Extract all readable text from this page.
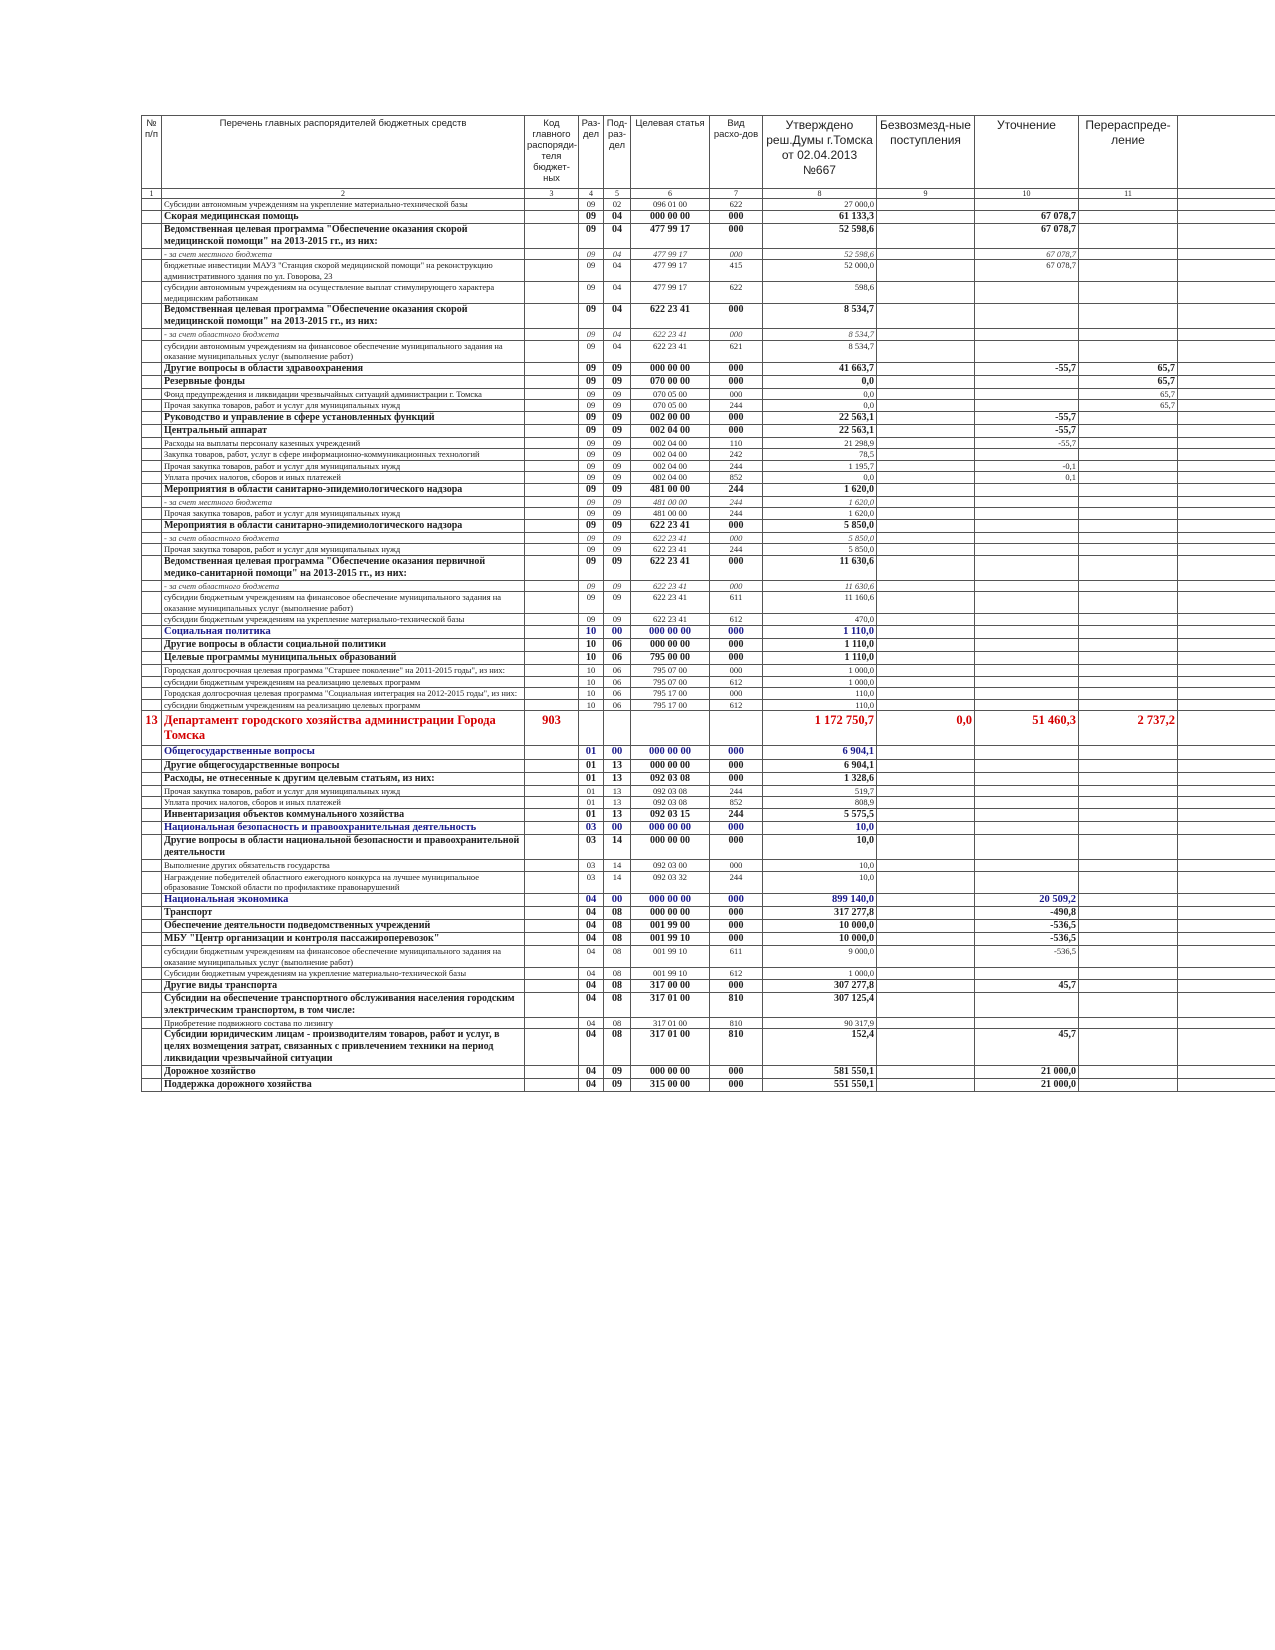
№ п/п	Перечень главных распорядителей бюджетных средств	Код главного распоряди-теля бюджет-ных	Раз-дел	Под-раз-дел	Целевая статья	Вид расхо-дов	Утверждено реш.Думы г.Томска от 02.04.2013 №667	Безвозмезд-ные поступления	Уточнение	Перераспреде-ление	
1	2	3	4	5	6	7	8	9	10	11	
	Субсидии автономным учреждениям на укрепление материально-технической базы		09	02	096 01 00	622	27 000,0				
	Скорая медицинская помощь		09	04	000 00 00	000	61 133,3		67 078,7		
	Ведомственная целевая программа "Обеспечение оказания скорой медицинской помощи" на 2013-2015 гг., из них:		09	04	477 99 17	000	52 598,6		67 078,7		
	- за счет местного бюджета		09	04	477 99 17	000	52 598,6		67 078,7		
	бюджетные инвестиции МАУЗ "Станция скорой медицинской помощи" на реконструкцию административного здания по ул. Говорова, 23		09	04	477 99 17	415	52 000,0		67 078,7		
	субсидии автономным учреждениям на осуществление выплат стимулирующего характера медицинским работникам		09	04	477 99 17	622	598,6				
	Ведомственная целевая программа "Обеспечение оказания скорой медицинской помощи" на 2013-2015 гг., из них:		09	04	622 23 41	000	8 534,7				
	- за счет областного бюджета		09	04	622 23 41	000	8 534,7				
	субсидии автономным учреждениям на финансовое обеспечение муниципального задания на оказание муниципальных услуг (выполнение работ)		09	04	622 23 41	621	8 534,7				
	Другие вопросы в области здравоохранения		09	09	000 00 00	000	41 663,7		-55,7	65,7	
	Резервные фонды		09	09	070 00 00	000	0,0			65,7	
	Фонд предупреждения и ликвидации чрезвычайных ситуаций администрации г. Томска		09	09	070 05 00	000	0,0			65,7	
	Прочая закупка товаров, работ и услуг для муниципальных нужд		09	09	070 05 00	244	0,0			65,7	
	Руководство и управление в сфере установленных функций		09	09	002 00 00	000	22 563,1		-55,7		
	Центральный аппарат		09	09	002 04 00	000	22 563,1		-55,7		
	Расходы на выплаты персоналу казенных учреждений		09	09	002 04 00	110	21 298,9		-55,7		
	Закупка товаров, работ, услуг в сфере информационно-коммуникационных технологий		09	09	002 04 00	242	78,5				
	Прочая закупка товаров, работ и услуг для муниципальных нужд		09	09	002 04 00	244	1 195,7		-0,1		
	Уплата прочих налогов, сборов и иных платежей		09	09	002 04 00	852	0,0		0,1		
	Мероприятия в области санитарно-эпидемиологического надзора		09	09	481 00 00	244	1 620,0				
	- за счет местного бюджета		09	09	481 00 00	244	1 620,0				
	Прочая закупка товаров, работ и услуг для муниципальных нужд		09	09	481 00 00	244	1 620,0				
	Мероприятия в области санитарно-эпидемиологического надзора		09	09	622 23 41	000	5 850,0				
	- за счет областного бюджета		09	09	622 23 41	000	5 850,0				
	Прочая закупка товаров, работ и услуг для муниципальных нужд		09	09	622 23 41	244	5 850,0				
	Ведомственная целевая программа "Обеспечение оказания первичной медико-санитарной помощи" на 2013-2015 гг., из них:		09	09	622 23 41	000	11 630,6				
	- за счет областного бюджета		09	09	622 23 41	000	11 630,6				
	субсидии бюджетным учреждениям на финансовое обеспечение муниципального задания на оказание муниципальных услуг (выполнение работ)		09	09	622 23 41	611	11 160,6				
	субсидии бюджетным учреждениям на укрепление материально-технической базы		09	09	622 23 41	612	470,0				
	Социальная политика		10	00	000 00 00	000	1 110,0				
	Другие вопросы в области социальной политики		10	06	000 00 00	000	1 110,0				
	Целевые программы муниципальных образований		10	06	795 00 00	000	1 110,0				
	Городская долгосрочная целевая программа "Старшее поколение" на 2011-2015 годы", из них:		10	06	795 07 00	000	1 000,0				
	субсидии бюджетным учреждениям на реализацию целевых программ		10	06	795 07 00	612	1 000,0				
	Городская долгосрочная целевая программа "Социальная интеграция на 2012-2015 годы", из них:		10	06	795 17 00	000	110,0				
	субсидии бюджетным учреждениям на реализацию целевых программ		10	06	795 17 00	612	110,0				
13	Департамент городского хозяйства администрации Города Томска	903					1 172 750,7	0,0	51 460,3	2 737,2	
	Общегосударственные вопросы		01	00	000 00 00	000	6 904,1				
	Другие общегосударственные вопросы		01	13	000 00 00	000	6 904,1				
	Расходы, не отнесенные к другим целевым статьям, из них:		01	13	092 03 08	000	1 328,6				
	Прочая закупка товаров, работ и услуг для муниципальных нужд		01	13	092 03 08	244	519,7				
	Уплата прочих налогов, сборов и иных платежей		01	13	092 03 08	852	808,9				
	Инвентаризация объектов коммунального хозяйства		01	13	092 03 15	244	5 575,5				
	Национальная безопасность и правоохранительная деятельность		03	00	000 00 00	000	10,0				
	Другие вопросы в области национальной безопасности и правоохранительной деятельности		03	14	000 00 00	000	10,0				
	Выполнение других обязательств государства		03	14	092 03 00	000	10,0				
	Награждение победителей областного ежегодного конкурса на лучшее муниципальное образование Томской области по профилактике правонарушений		03	14	092 03 32	244	10,0				
	Национальная экономика		04	00	000 00 00	000	899 140,0		20 509,2		
	Транспорт		04	08	000 00 00	000	317 277,8		-490,8		
	Обеспечение деятельности подведомственных учреждений		04	08	001 99 00	000	10 000,0		-536,5		
	МБУ "Центр организации и контроля пассажироперевозок"		04	08	001 99 10	000	10 000,0		-536,5		
	субсидии бюджетным учреждениям на финансовое обеспечение муниципального задания на оказание муниципальных услуг (выполнение работ)		04	08	001 99 10	611	9 000,0		-536,5		
	Субсидии бюджетным учреждениям на укрепление материально-технической базы		04	08	001 99 10	612	1 000,0				
	Другие виды транспорта		04	08	317 00 00	000	307 277,8		45,7		
	Субсидии на обеспечение транспортного обслуживания населения городским электрическим транспортом, в том числе:		04	08	317 01 00	810	307 125,4				
	Приобретение подвижного состава по лизингу		04	08	317 01 00	810	90 317,9				
	Субсидии юридическим лицам - производителям товаров, работ и услуг, в целях возмещения затрат, связанных с привлечением техники на период ликвидации чрезвычайной ситуации		04	08	317 01 00	810	152,4		45,7		
	Дорожное хозяйство		04	09	000 00 00	000	581 550,1		21 000,0		
	Поддержка дорожного хозяйства		04	09	315 00 00	000	551 550,1		21 000,0		
